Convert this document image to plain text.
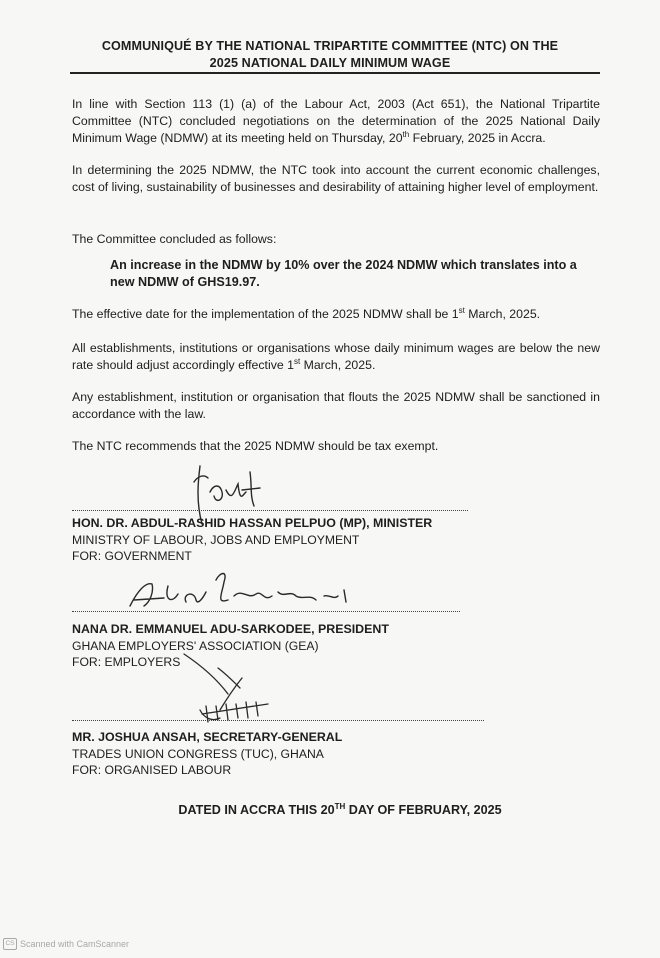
COMMUNIQUÉ BY THE NATIONAL TRIPARTITE COMMITTEE (NTC) ON THE
2025 NATIONAL DAILY MINIMUM WAGE
In line with Section 113 (1) (a) of the Labour Act, 2003 (Act 651), the National Tripartite Committee (NTC) concluded negotiations on the determination of the 2025 National Daily Minimum Wage (NDMW) at its meeting held on Thursday, 20th February, 2025 in Accra.
In determining the 2025 NDMW, the NTC took into account the current economic challenges, cost of living, sustainability of businesses and desirability of attaining higher level of employment.
The Committee concluded as follows:
An increase in the NDMW by 10% over the 2024 NDMW which translates into a new NDMW of GHS19.97.
The effective date for the implementation of the 2025 NDMW shall be 1st March, 2025.
All establishments, institutions or organisations whose daily minimum wages are below the new rate should adjust accordingly effective 1st March, 2025.
Any establishment, institution or organisation that flouts the 2025 NDMW shall be sanctioned in accordance with the law.
The NTC recommends that the 2025 NDMW should be tax exempt.
HON. DR. ABDUL-RASHID HASSAN PELPUO (MP), MINISTER
MINISTRY OF LABOUR, JOBS AND EMPLOYMENT
FOR: GOVERNMENT
NANA DR. EMMANUEL ADU-SARKODEE, PRESIDENT
GHANA EMPLOYERS' ASSOCIATION (GEA)
FOR: EMPLOYERS
MR. JOSHUA ANSAH, SECRETARY-GENERAL
TRADES UNION CONGRESS (TUC), GHANA
FOR: ORGANISED LABOUR
DATED IN ACCRA THIS 20TH DAY OF FEBRUARY, 2025
CS Scanned with CamScanner
